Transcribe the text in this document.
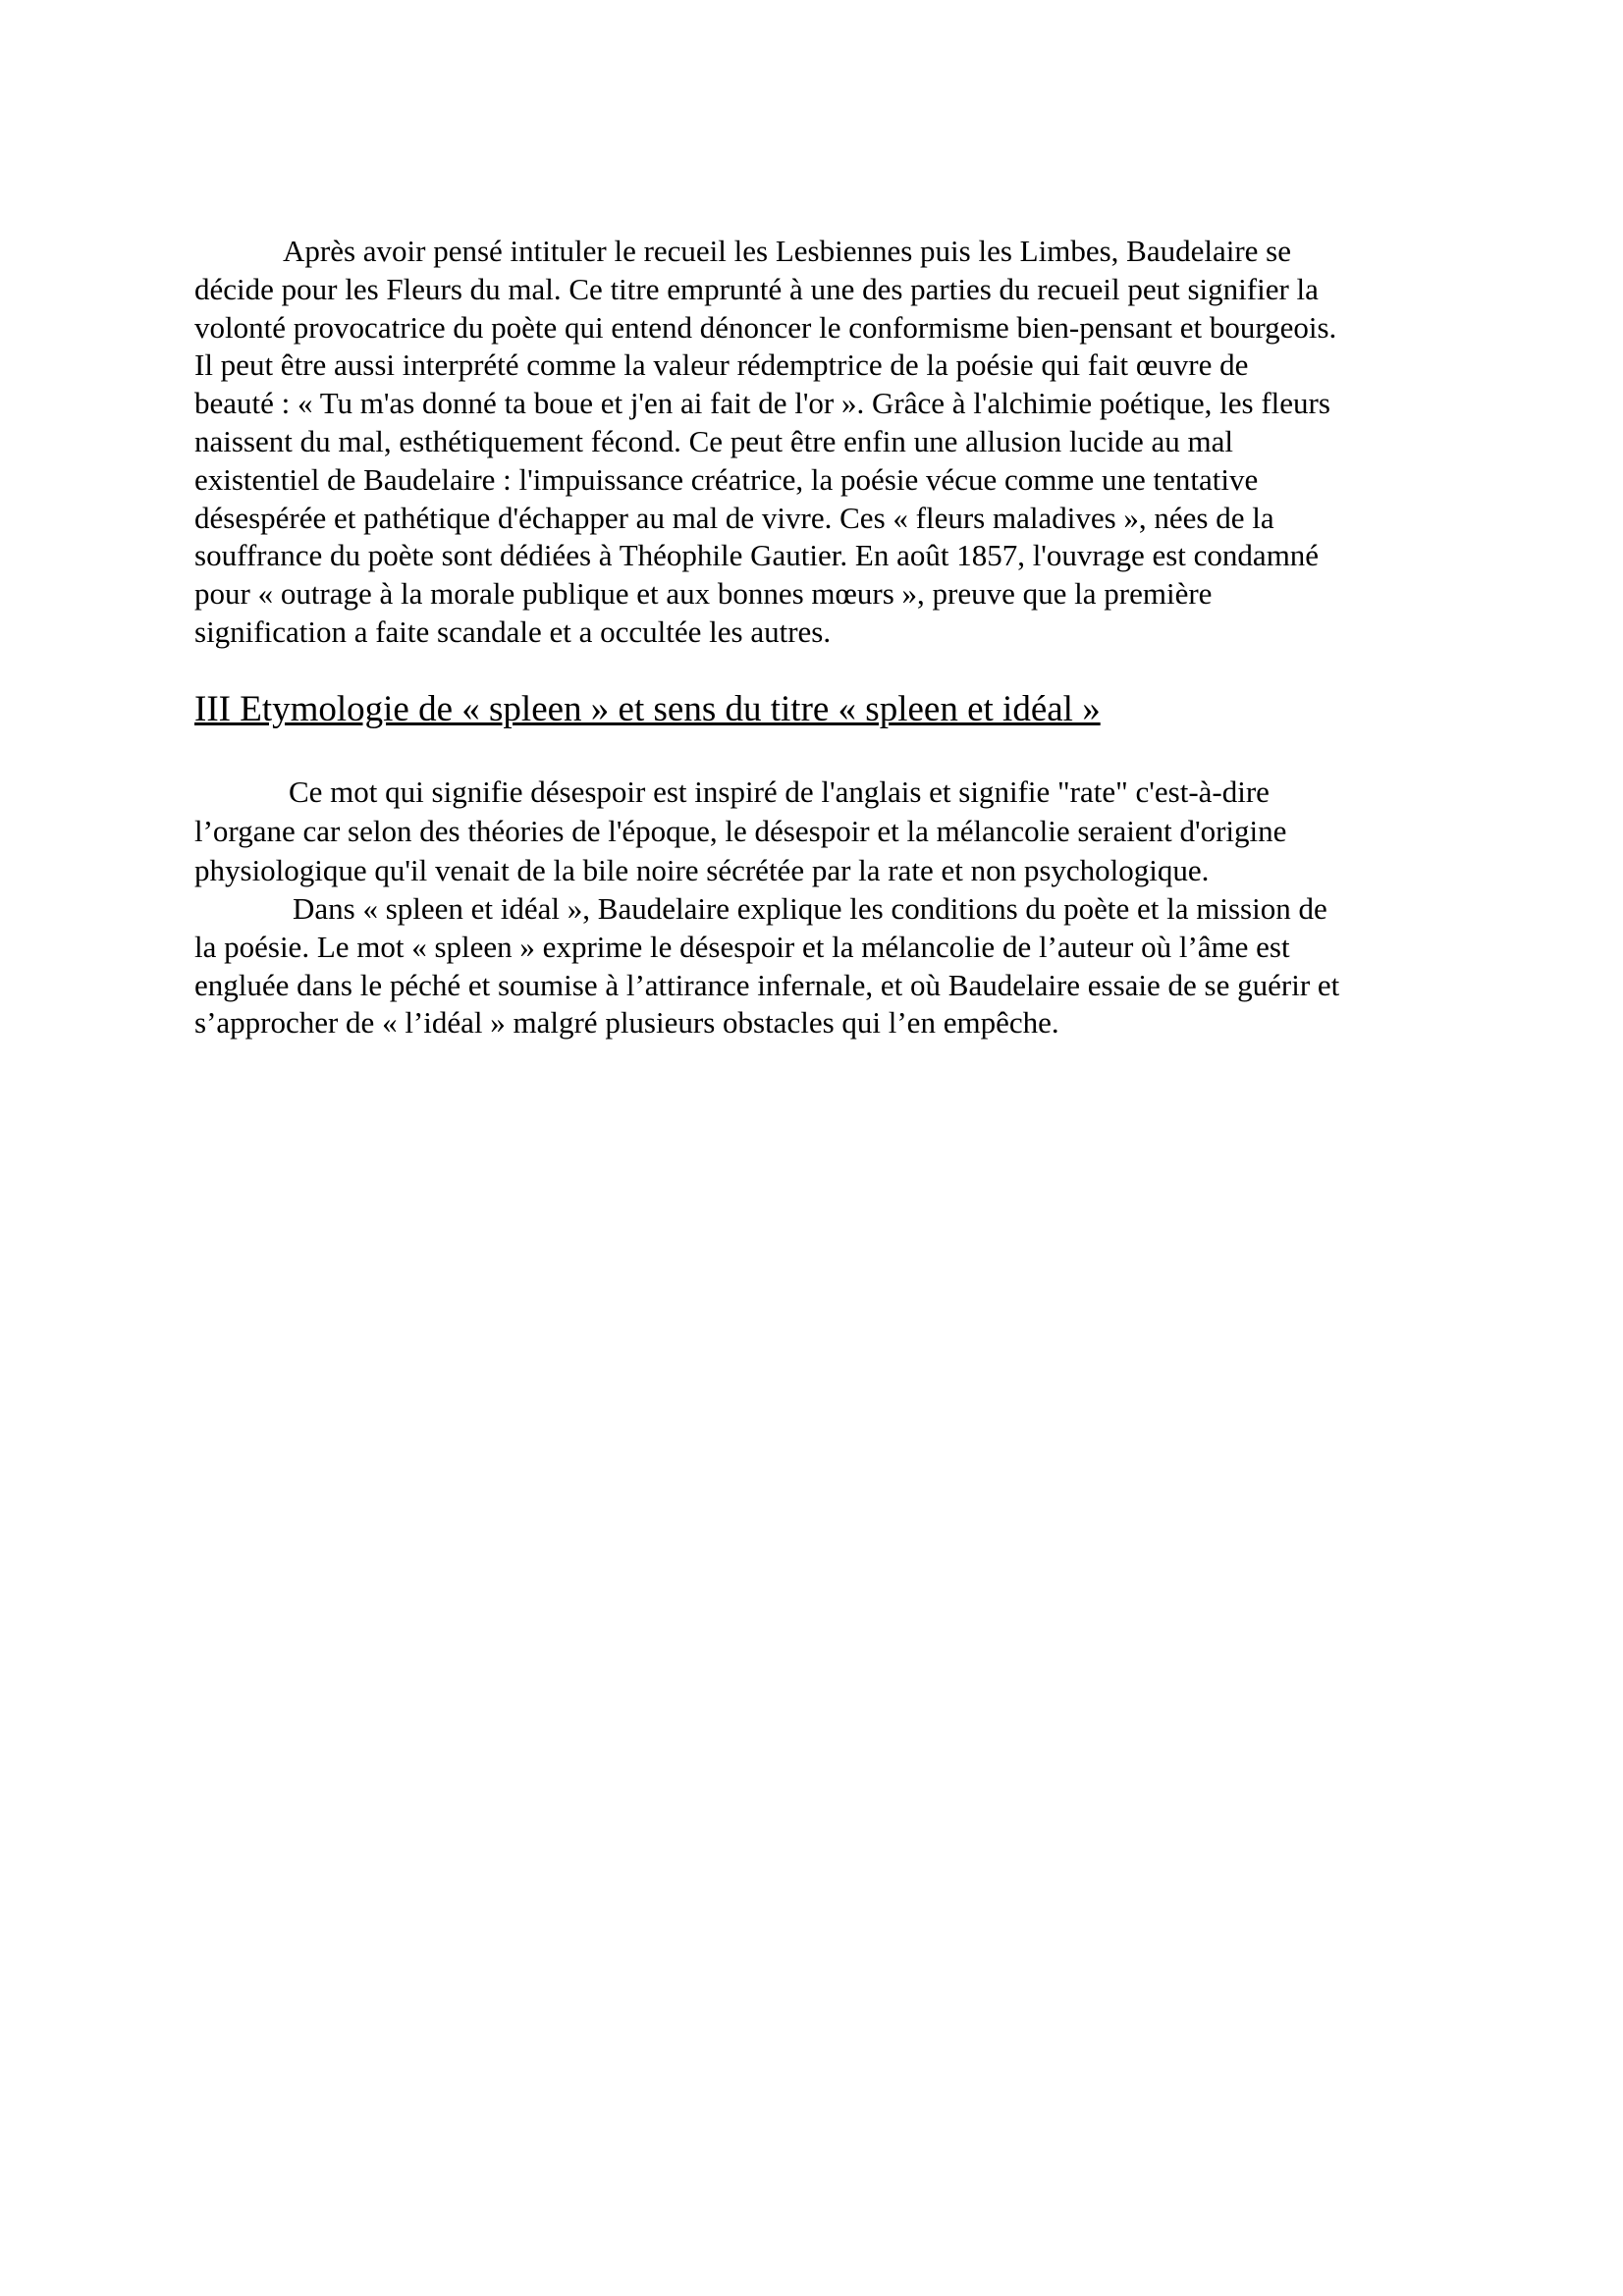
Après avoir pensé intituler le recueil les Lesbiennes puis les Limbes, Baudelaire se
décide pour les Fleurs du mal. Ce titre emprunté à une des parties du recueil peut signifier la
volonté provocatrice du poète qui entend dénoncer le conformisme bien-pensant et bourgeois.
Il peut être aussi interprété comme la valeur rédemptrice de la poésie qui fait œuvre de
beauté : « Tu m'as donné ta boue et j'en ai fait de l'or ». Grâce à l'alchimie poétique, les fleurs
naissent du mal, esthétiquement fécond. Ce peut être enfin une allusion lucide au mal
existentiel de Baudelaire : l'impuissance créatrice, la poésie vécue comme une tentative
désespérée et pathétique d'échapper au mal de vivre. Ces « fleurs maladives », nées de la
souffrance du poète sont dédiées à Théophile Gautier. En août 1857, l'ouvrage est condamné
pour « outrage à la morale publique et aux bonnes mœurs », preuve que la première
signification a faite scandale et a occultée les autres.
III Etymologie de « spleen » et sens du titre « spleen et idéal »
Ce mot qui signifie désespoir est inspiré de l'anglais et signifie "rate" c'est-à-dire
l’organe car selon des théories de l'époque, le désespoir et la mélancolie seraient d'origine
physiologique qu'il venait de la bile noire sécrétée par la rate et non psychologique.
Dans « spleen et idéal », Baudelaire explique les conditions du poète et la mission de
la poésie. Le mot « spleen » exprime le désespoir et la mélancolie de l’auteur où l’âme est
engluée dans le péché et soumise à l’attirance infernale, et où Baudelaire essaie de se guérir et
s’approcher de « l’idéal » malgré plusieurs obstacles qui l’en empêche.
